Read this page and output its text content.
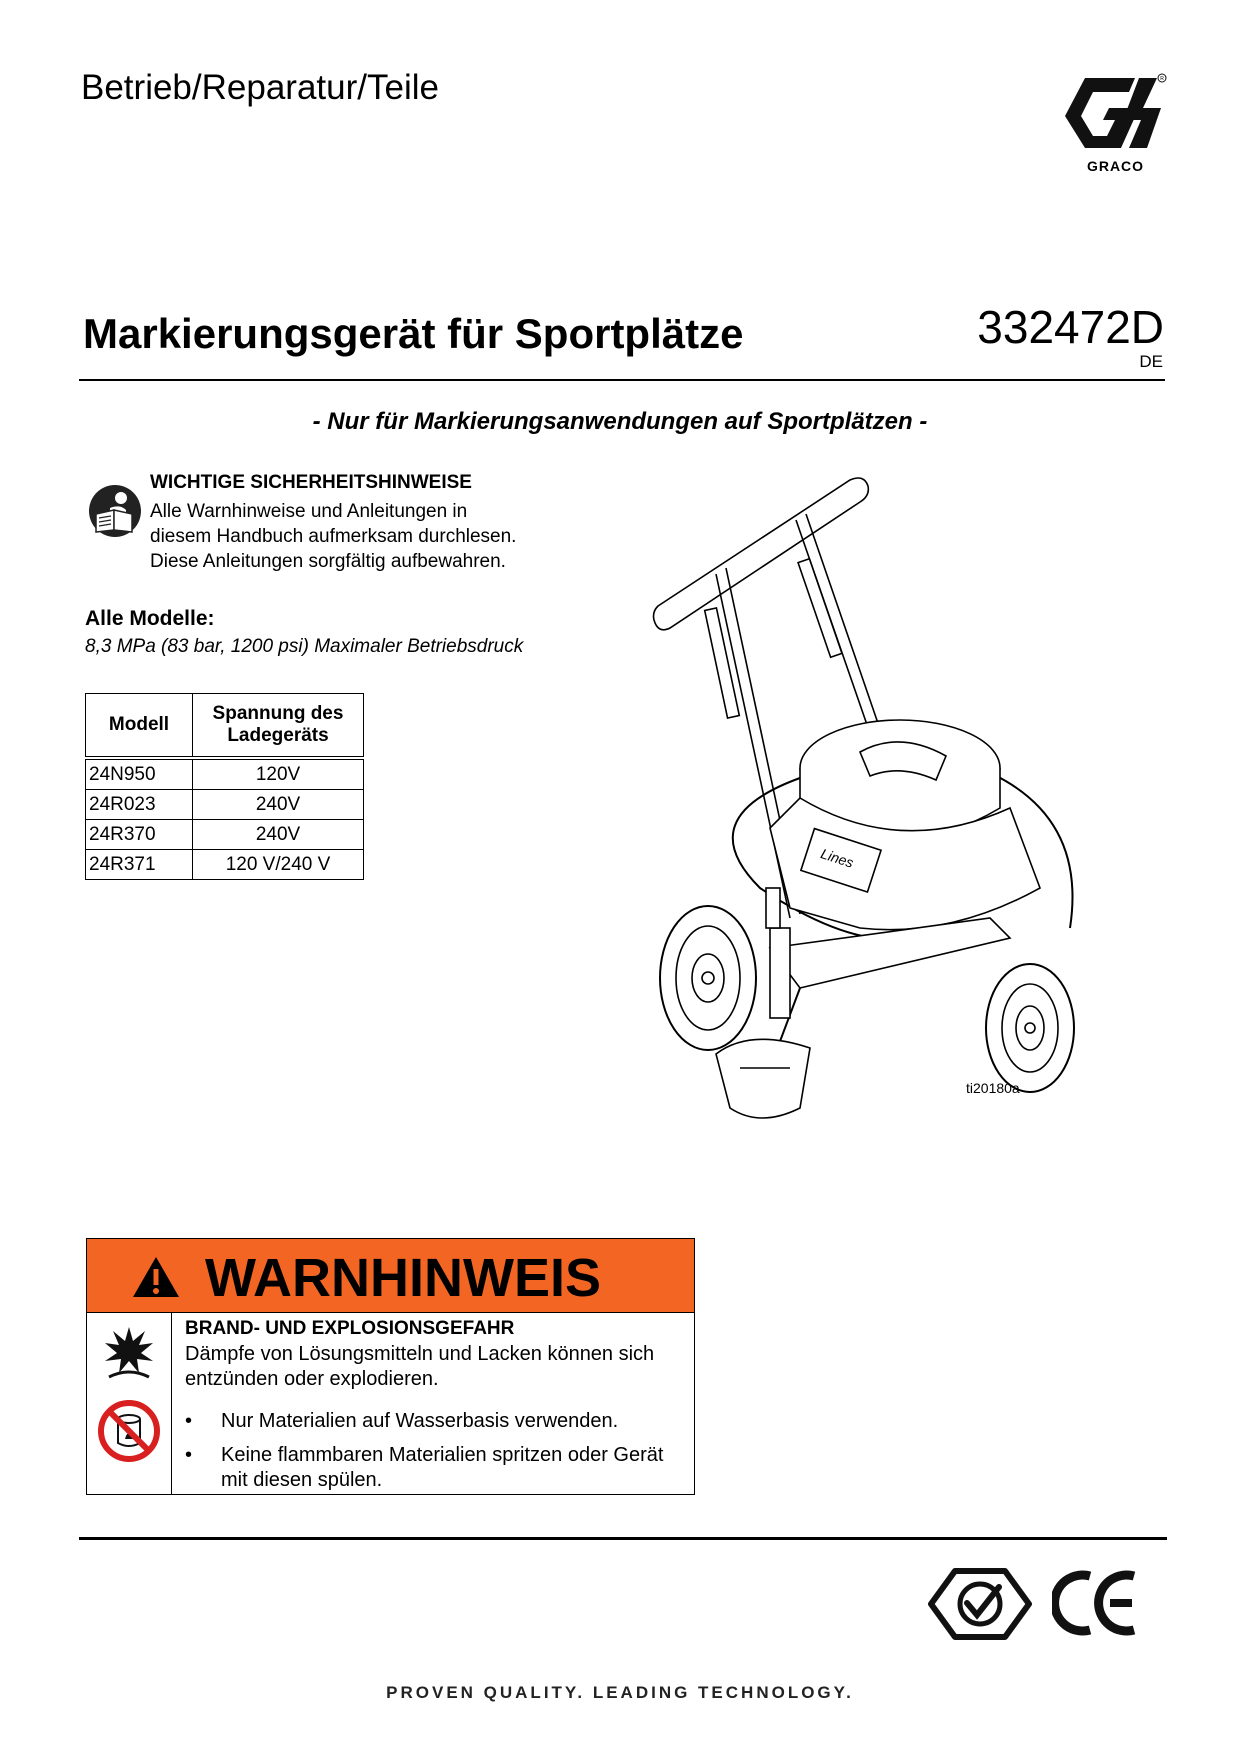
Betrieb/Reparatur/Teile	R
GRACO
Markierungsgerät für Sportplätze	332472D
DE
- Nur für Markierungsanwendungen auf Sportplätzen -
WICHTIGE SICHERHEITSHINWEISE
Alle Warnhinweise und Anleitungen in
diesem Handbuch aufmerksam durchlesen.
Diese Anleitungen sorgfältig aufbewahren.
Alle Modelle:
8,3 MPa (83 bar, 1200 psi) Maximaler Betriebsdruck
Modell	Spannung des Ladegeräts
24N950	120V
24R023	240V
24R370	240V
24R371	120 V/240 V	Lines
ti20180a
WARNHINWEIS
BRAND- UND EXPLOSIONSGEFAHR
Dämpfe von Lösungsmitteln und Lacken können sich
entzünden oder explodieren.
• Nur Materialien auf Wasserbasis verwenden.
• Keine flammbaren Materialien spritzen oder Gerät
mit diesen spülen.
PROVEN QUALITY. LEADING TECHNOLOGY.
